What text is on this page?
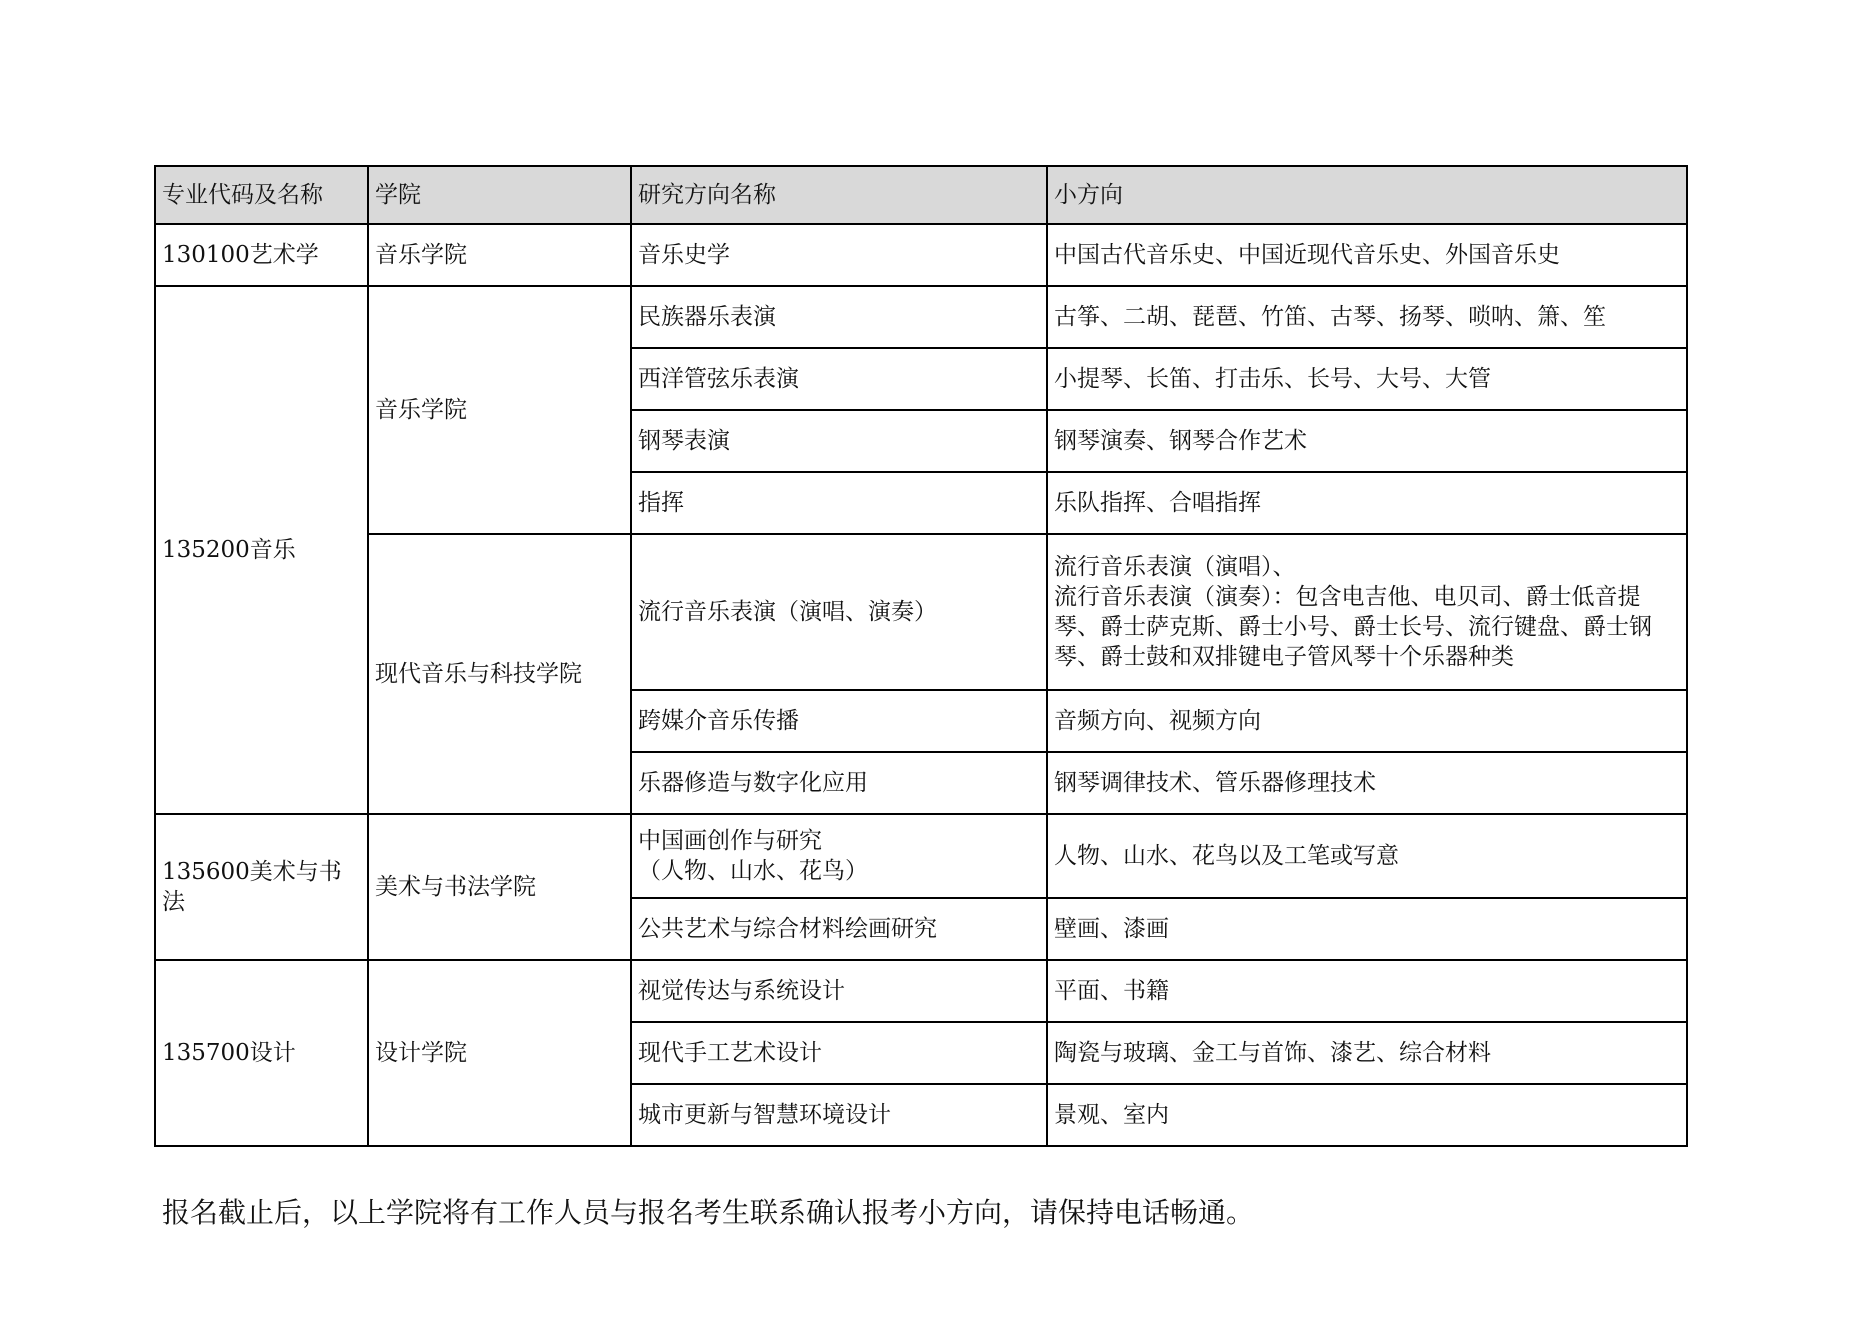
专业代码及名称	学院	研究方向名称	小方向
130100艺术学	音乐学院	音乐史学	中国古代音乐史、中国近现代音乐史、外国音乐史
135200音乐	音乐学院	民族器乐表演	古筝、二胡、琵琶、竹笛、古琴、扬琴、唢呐、箫、笙
		西洋管弦乐表演	小提琴、长笛、打击乐、长号、大号、大管
		钢琴表演	钢琴演奏、钢琴合作艺术
		指挥	乐队指挥、合唱指挥
	现代音乐与科技学院	流行音乐表演（演唱、演奏）	流行音乐表演（演唱）、
流行音乐表演（演奏）：包含电吉他、电贝司、爵士低音提琴、爵士萨克斯、爵士小号、爵士长号、流行键盘、爵士钢琴、爵士鼓和双排键电子管风琴十个乐器种类

		跨媒介音乐传播	音频方向、视频方向
		乐器修造与数字化应用	钢琴调律技术、管乐器修理技术
135600美术与书法	美术与书法学院	中国画创作与研究
（人物、山水、花鸟）	人物、山水、花鸟以及工笔或写意
		公共艺术与综合材料绘画研究	壁画、漆画
135700设计	设计学院	视觉传达与系统设计	平面、书籍
		现代手工艺术设计	陶瓷与玻璃、金工与首饰、漆艺、综合材料
		城市更新与智慧环境设计	景观、室内
报名截止后，以上学院将有工作人员与报名考生联系确认报考小方向，请保持电话畅通。
